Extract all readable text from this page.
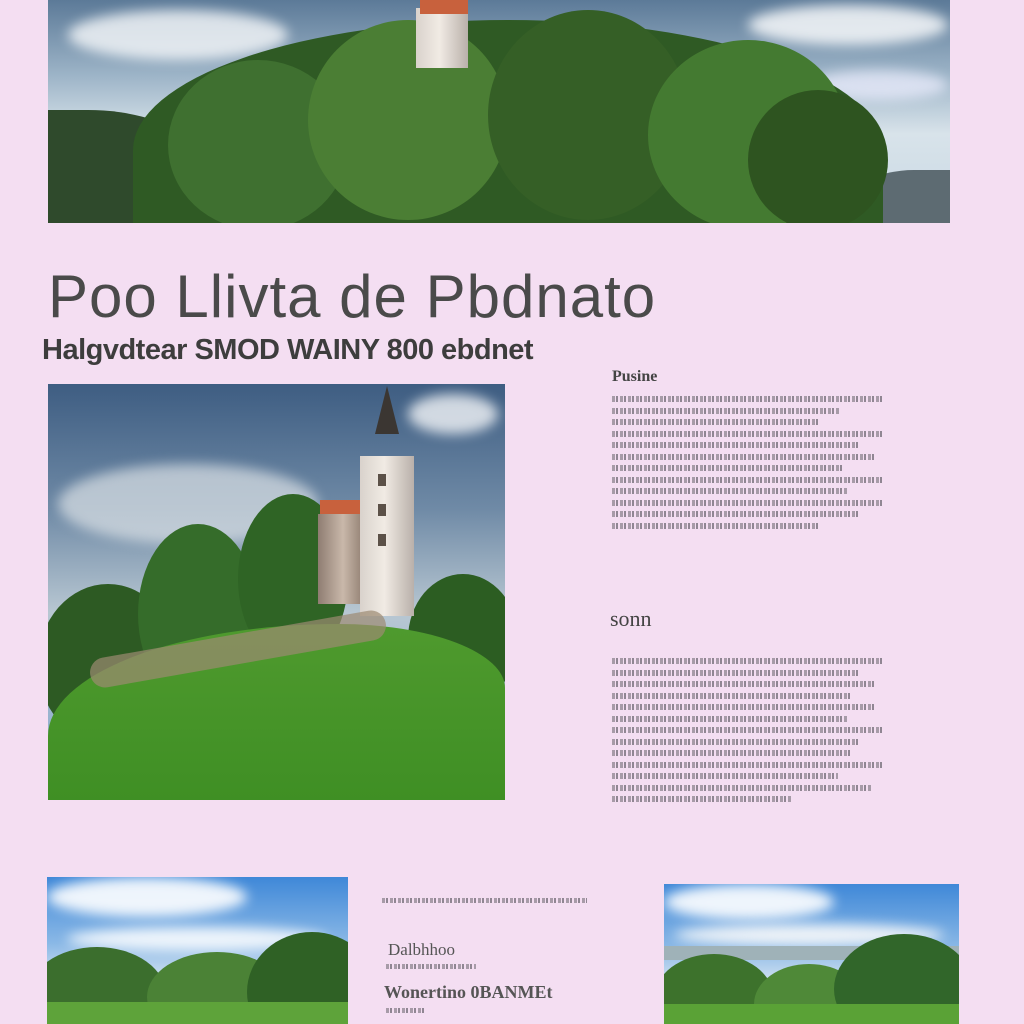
Poo Llivta de Pbdnato
Halgvdtear SMOD WAINY 800 ebdnet
Pusine
sonn
Dalbhhoo
Wonertino 0BANMEt
